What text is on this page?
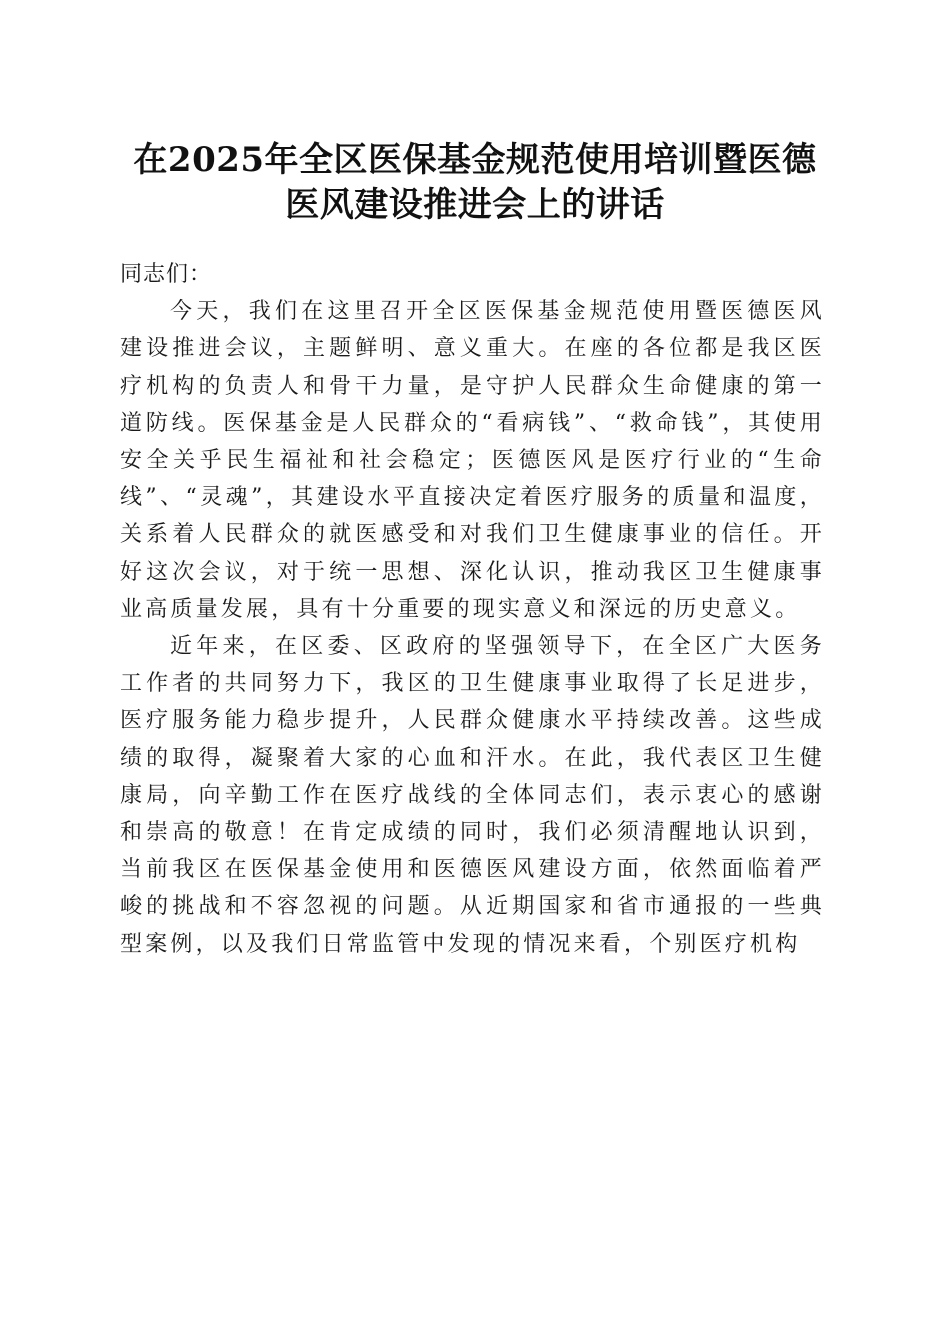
在2025年全区医保基金规范使用培训暨医德
医风建设推进会上的讲话

同志们：

今天，我们在这里召开全区医保基金规范使用暨医德医风建设推进会议，主题鲜明、意义重大。在座的各位都是我区医疗机构的负责人和骨干力量，是守护人民群众生命健康的第一道防线。医保基金是人民群众的“看病钱”、“救命钱”，其使用安全关乎民生福祉和社会稳定；医德医风是医疗行业的“生命线”、“灵魂”，其建设水平直接决定着医疗服务的质量和温度，关系着人民群众的就医感受和对我们卫生健康事业的信任。开好这次会议，对于统一思想、深化认识，推动我区卫生健康事业高质量发展，具有十分重要的现实意义和深远的历史意义。

近年来，在区委、区政府的坚强领导下，在全区广大医务工作者的共同努力下，我区的卫生健康事业取得了长足进步，医疗服务能力稳步提升，人民群众健康水平持续改善。这些成绩的取得，凝聚着大家的心血和汗水。在此，我代表区卫生健康局，向辛勤工作在医疗战线的全体同志们，表示衷心的感谢和崇高的敬意！在肯定成绩的同时，我们必须清醒地认识到，当前我区在医保基金使用和医德医风建设方面，依然面临着严峻的挑战和不容忽视的问题。从近期国家和省市通报的一些典型案例，以及我们日常监管中发现的情况来看，个别医疗机构
